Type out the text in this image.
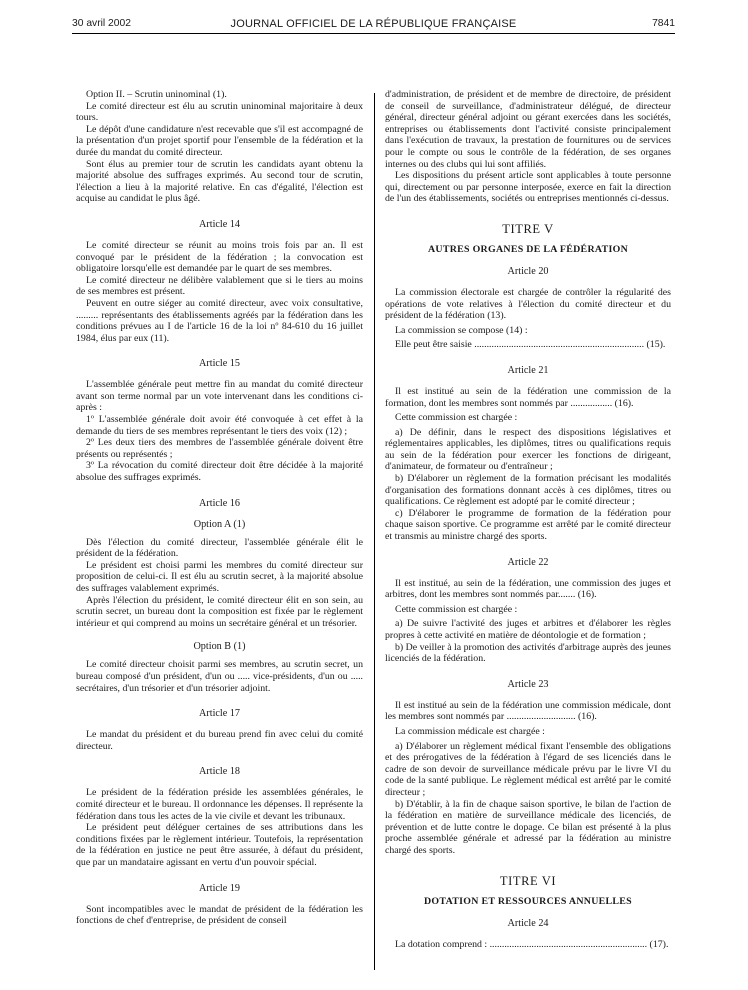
30 avril 2002	JOURNAL OFFICIEL DE LA RÉPUBLIQUE FRANÇAISE	7841

Option II. – Scrutin uninominal (1).

Le comité directeur est élu au scrutin uninominal majoritaire à deux tours.

Le dépôt d'une candidature n'est recevable que s'il est accompagné de la présentation d'un projet sportif pour l'ensemble de la fédération et la durée du mandat du comité directeur.

Sont élus au premier tour de scrutin les candidats ayant obtenu la majorité absolue des suffrages exprimés. Au second tour de scrutin, l'élection a lieu à la majorité relative. En cas d'égalité, l'élection est acquise au candidat le plus âgé.

Article 14

Le comité directeur se réunit au moins trois fois par an. Il est convoqué par le président de la fédération ; la convocation est obligatoire lorsqu'elle est demandée par le quart de ses membres.

Le comité directeur ne délibère valablement que si le tiers au moins de ses membres est présent.

Peuvent en outre siéger au comité directeur, avec voix consultative, ......... représentants des établissements agréés par la fédération dans les conditions prévues au I de l'article 16 de la loi nº 84-610 du 16 juillet 1984, élus par eux (11).

Article 15

L'assemblée générale peut mettre fin au mandat du comité directeur avant son terme normal par un vote intervenant dans les conditions ci-après :

1º L'assemblée générale doit avoir été convoquée à cet effet à la demande du tiers de ses membres représentant le tiers des voix (12) ;

2º Les deux tiers des membres de l'assemblée générale doivent être présents ou représentés ;

3º La révocation du comité directeur doit être décidée à la majorité absolue des suffrages exprimés.

Article 16
Option A (1)

Dès l'élection du comité directeur, l'assemblée générale élit le président de la fédération.

Le président est choisi parmi les membres du comité directeur sur proposition de celui-ci. Il est élu au scrutin secret, à la majorité absolue des suffrages valablement exprimés.

Après l'élection du président, le comité directeur élit en son sein, au scrutin secret, un bureau dont la composition est fixée par le règlement intérieur et qui comprend au moins un secrétaire général et un trésorier.

Option B (1)

Le comité directeur choisit parmi ses membres, au scrutin secret, un bureau composé d'un président, d'un ou ..... vice-présidents, d'un ou ..... secrétaires, d'un trésorier et d'un trésorier adjoint.

Article 17

Le mandat du président et du bureau prend fin avec celui du comité directeur.

Article 18

Le président de la fédération préside les assemblées générales, le comité directeur et le bureau. Il ordonnance les dépenses. Il représente la fédération dans tous les actes de la vie civile et devant les tribunaux.

Le président peut déléguer certaines de ses attributions dans les conditions fixées par le règlement intérieur. Toutefois, la représentation de la fédération en justice ne peut être assurée, à défaut du président, que par un mandataire agissant en vertu d'un pouvoir spécial.

Article 19

Sont incompatibles avec le mandat de président de la fédération les fonctions de chef d'entreprise, de président de conseil

d'administration, de président et de membre de directoire, de président de conseil de surveillance, d'administrateur délégué, de directeur général, directeur général adjoint ou gérant exercées dans les sociétés, entreprises ou établissements dont l'activité consiste principalement dans l'exécution de travaux, la prestation de fournitures ou de services pour le compte ou sous le contrôle de la fédération, de ses organes internes ou des clubs qui lui sont affiliés.

Les dispositions du présent article sont applicables à toute personne qui, directement ou par personne interposée, exerce en fait la direction de l'un des établissements, sociétés ou entreprises mentionnés ci-dessus.

TITRE V
AUTRES ORGANES DE LA FÉDÉRATION
Article 20

La commission électorale est chargée de contrôler la régularité des opérations de vote relatives à l'élection du comité directeur et du président de la fédération (13).

La commission se compose (14) :

Elle peut être saisie ..................................................................... (15).

Article 21

Il est institué au sein de la fédération une commission de la formation, dont les membres sont nommés par ................. (16).

Cette commission est chargée :

a) De définir, dans le respect des dispositions législatives et réglementaires applicables, les diplômes, titres ou qualifications requis au sein de la fédération pour exercer les fonctions de dirigeant, d'animateur, de formateur ou d'entraîneur ;

b) D'élaborer un règlement de la formation précisant les modalités d'organisation des formations donnant accès à ces diplômes, titres ou qualifications. Ce règlement est adopté par le comité directeur ;

c) D'élaborer le programme de formation de la fédération pour chaque saison sportive. Ce programme est arrêté par le comité directeur et transmis au ministre chargé des sports.

Article 22

Il est institué, au sein de la fédération, une commission des juges et arbitres, dont les membres sont nommés par....... (16).

Cette commission est chargée :

a) De suivre l'activité des juges et arbitres et d'élaborer les règles propres à cette activité en matière de déontologie et de formation ;

b) De veiller à la promotion des activités d'arbitrage auprès des jeunes licenciés de la fédération.

Article 23

Il est institué au sein de la fédération une commission médicale, dont les membres sont nommés par ............................ (16).

La commission médicale est chargée :

a) D'élaborer un règlement médical fixant l'ensemble des obligations et des prérogatives de la fédération à l'égard de ses licenciés dans le cadre de son devoir de surveillance médicale prévu par le livre VI du code de la santé publique. Le règlement médical est arrêté par le comité directeur ;

b) D'établir, à la fin de chaque saison sportive, le bilan de l'action de la fédération en matière de surveillance médicale des licenciés, de prévention et de lutte contre le dopage. Ce bilan est présenté à la plus proche assemblée générale et adressé par la fédération au ministre chargé des sports.

TITRE VI
DOTATION ET RESSOURCES ANNUELLES
Article 24

La dotation comprend : ................................................................ (17).
